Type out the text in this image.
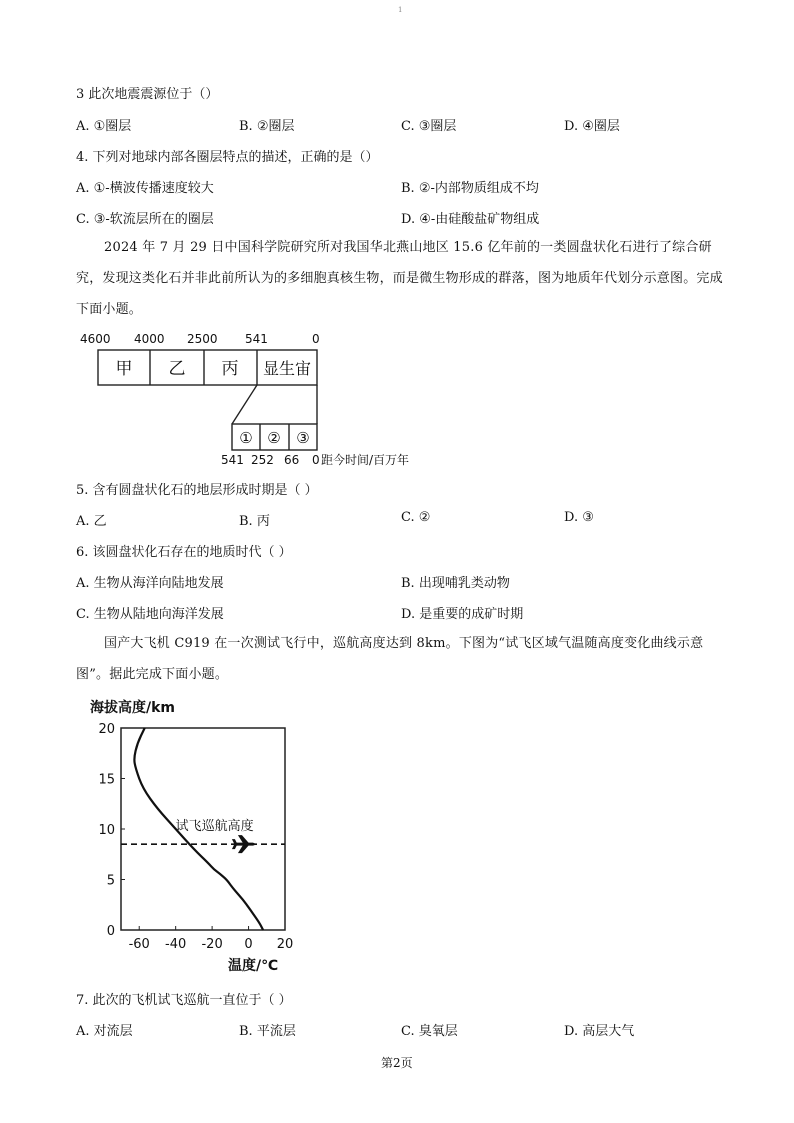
1
3 此次地震震源位于（）
A. ①圈层	B. ②圈层	C. ③圈层	D. ④圈层
4. 下列对地球内部各圈层特点的描述，正确的是（）
A. ①-横波传播速度较大	B. ②-内部物质组成不均
C. ③-软流层所在的圈层	D. ④-由硅酸盐矿物组成
2024 年 7 月 29 日中国科学院研究所对我国华北燕山地区 15.6 亿年前的一类圆盘状化石进行了综合研究，发现这类化石并非此前所认为的多细胞真核生物，而是微生物形成的群落，图为地质年代划分示意图。完成下面小题。
4600 4000 2500 541	0
甲 乙 丙 显生宙
① ② ③
541 252 66 0 距今时间/百万年
5. 含有圆盘状化石的地层形成时期是（ ）
A. 乙	B. 丙	C. ②	D. ③
6. 该圆盘状化石存在的地质时代（ ）
A. 生物从海洋向陆地发展	B. 出现哺乳类动物
C. 生物从陆地向海洋发展	D. 是重要的成矿时期
国产大飞机 C919 在一次测试飞行中，巡航高度达到 8km。下图为“试飞区域气温随高度变化曲线示意图”。据此完成下面小题。
海拔高度/km
-60 -40 -20 0 20
0
5
10
15
20
试飞巡航高度
温度/℃
7. 此次的飞机试飞巡航一直位于（ ）
A. 对流层	B. 平流层	C. 臭氧层	D. 高层大气
第2页
